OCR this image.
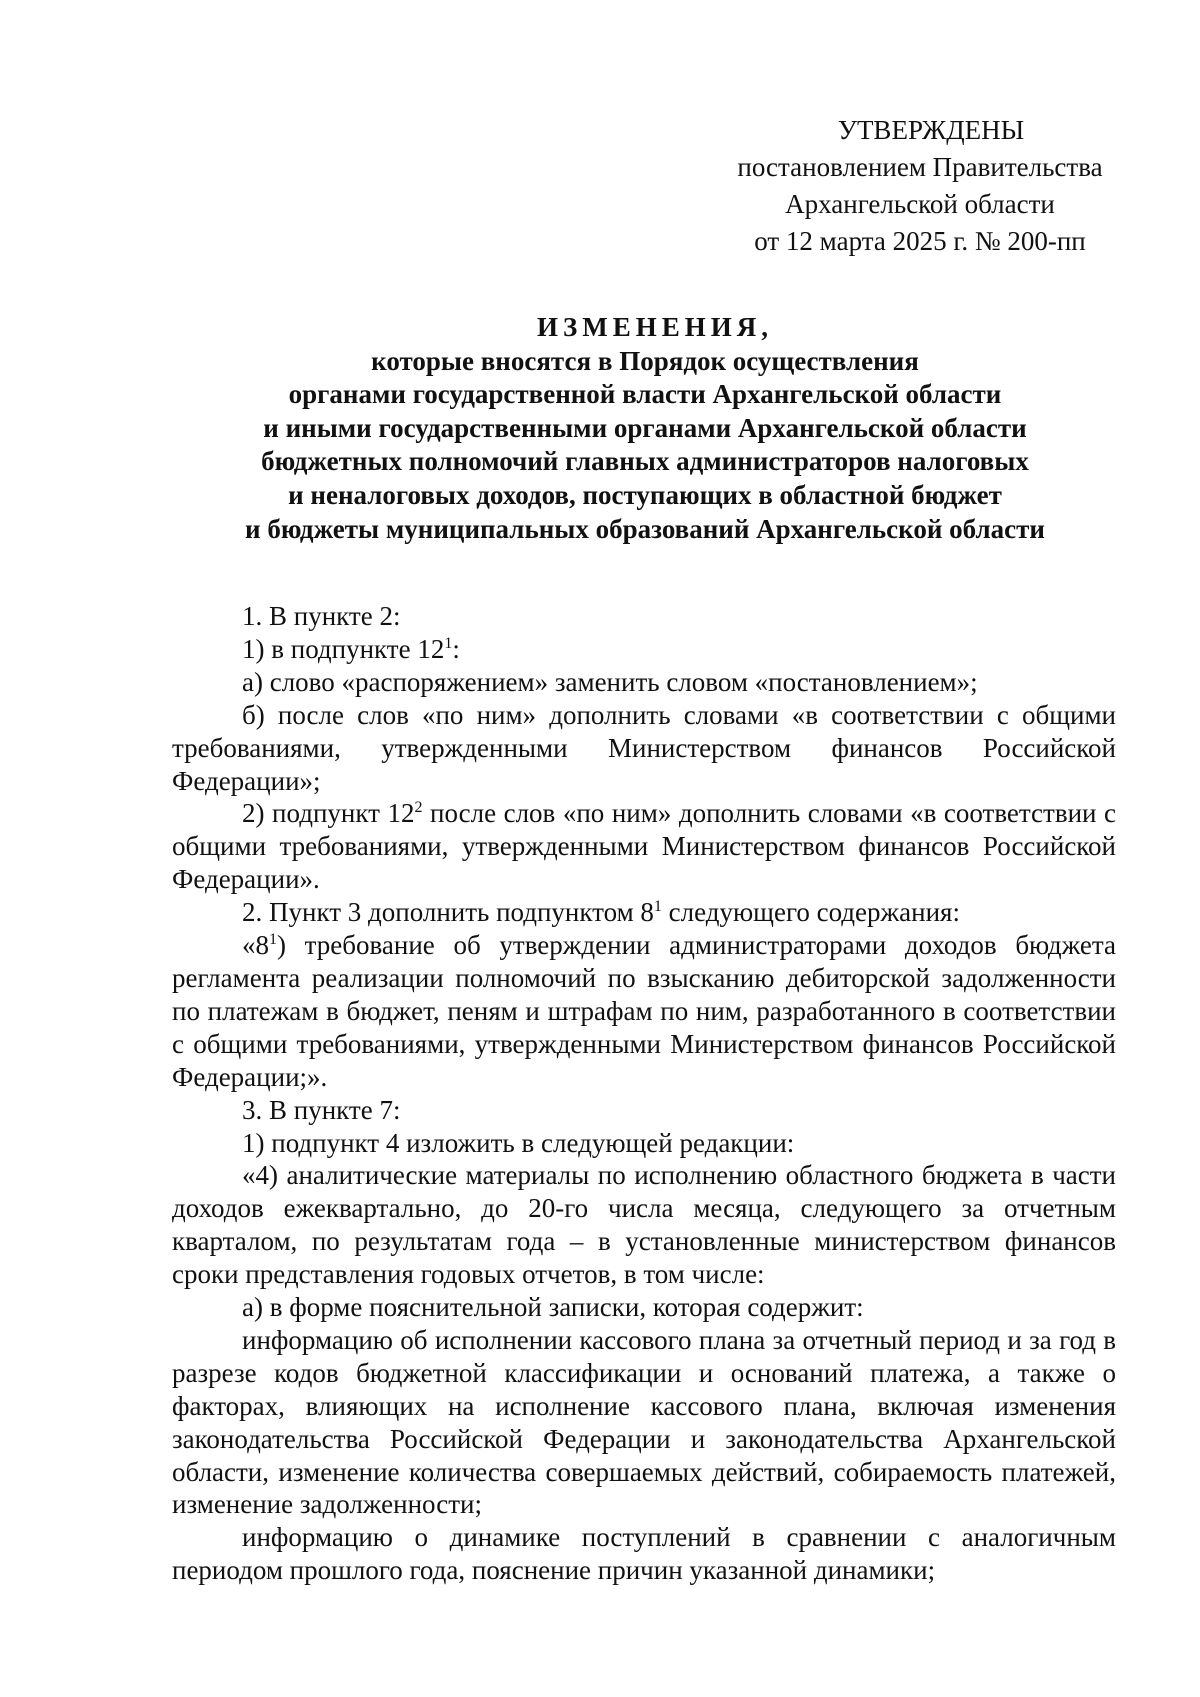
УТВЕРЖДЕНЫ
постановлением Правительства
Архангельской области
от 12 марта 2025 г. № 200-пп
ИЗМЕНЕНИЯ,
которые вносятся в Порядок осуществления
органами государственной власти Архангельской области
и иными государственными органами Архангельской области
бюджетных полномочий главных администраторов налоговых
и неналоговых доходов, поступающих в областной бюджет
и бюджеты муниципальных образований Архангельской области
1. В пункте 2:
1) в подпункте $12^1$:
а) слово «распоряжением» заменить словом «постановлением»;
б) после слов «по ним» дополнить словами «в соответствии с общими требованиями, утвержденными Министерством финансов Российской Федерации»;
2) подпункт $12^2$ после слов «по ним» дополнить словами «в соответствии с общими требованиями, утвержденными Министерством финансов Российской Федерации».
2. Пункт 3 дополнить подпунктом $8^1$ следующего содержания:
«$8^1$) требование об утверждении администраторами доходов бюджета регламента реализации полномочий по взысканию дебиторской задолженности по платежам в бюджет, пеням и штрафам по ним, разработанного в соответствии с общими требованиями, утвержденными Министерством финансов Российской Федерации;».
3. В пункте 7:
1) подпункт 4 изложить в следующей редакции:
«4) аналитические материалы по исполнению областного бюджета в части доходов ежеквартально, до 20-го числа месяца, следующего за отчетным кварталом, по результатам года – в установленные министерством финансов сроки представления годовых отчетов, в том числе:
а) в форме пояснительной записки, которая содержит:
информацию об исполнении кассового плана за отчетный период и за год в разрезе кодов бюджетной классификации и оснований платежа, а также о факторах, влияющих на исполнение кассового плана, включая изменения законодательства Российской Федерации и законодательства Архангельской области, изменение количества совершаемых действий, собираемость платежей, изменение задолженности;
информацию о динамике поступлений в сравнении с аналогичным периодом прошлого года, пояснение причин указанной динамики;
